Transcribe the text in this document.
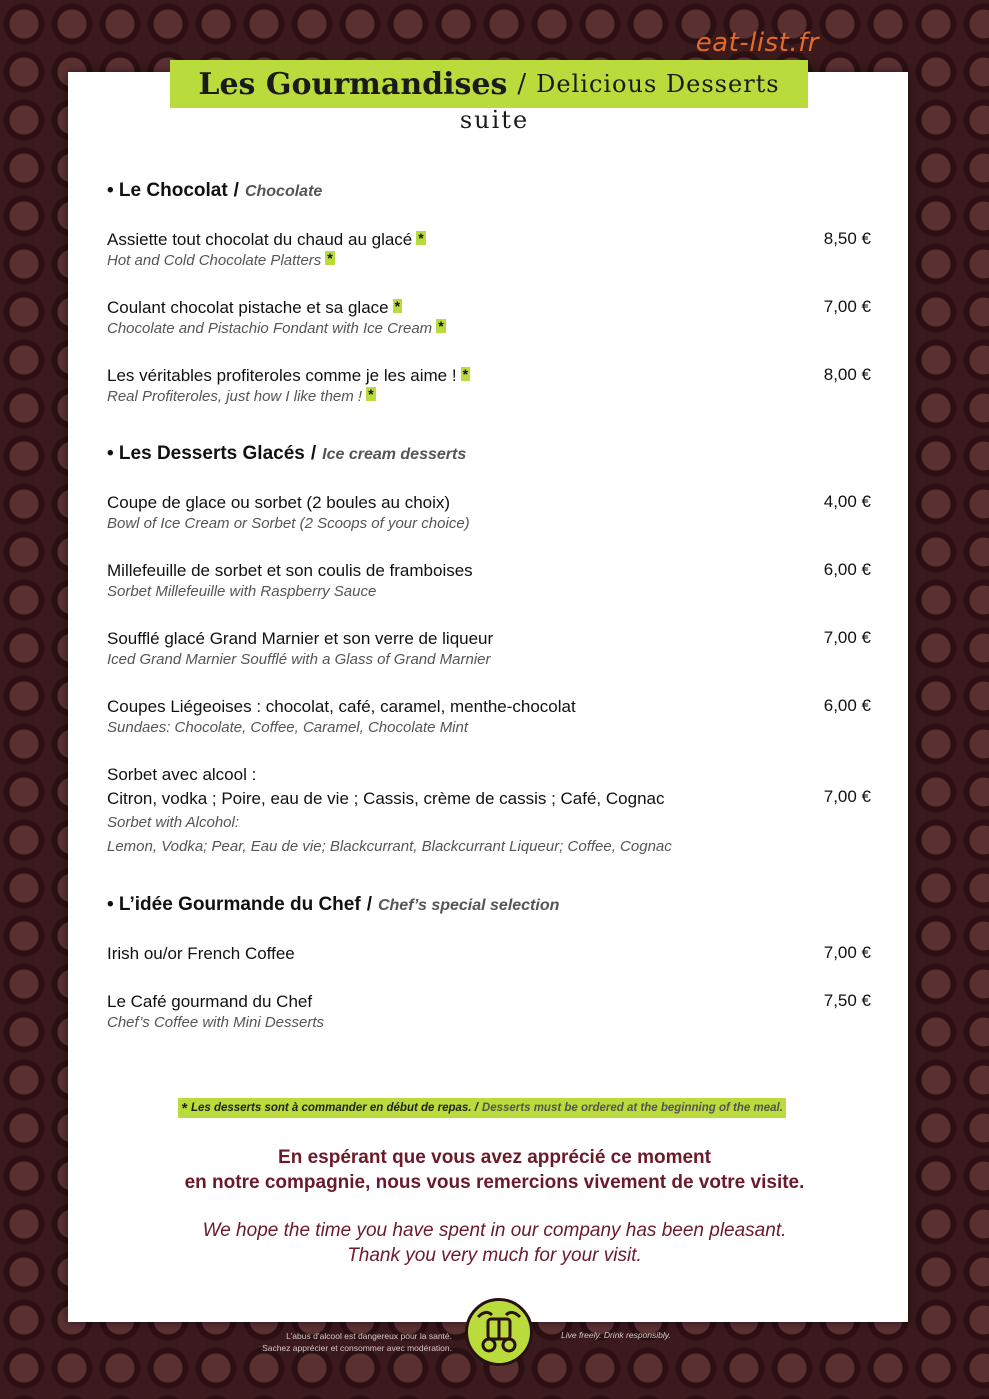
eat-list.fr
Les Gourmandises / Delicious Desserts
suite
• Le Chocolat / Chocolate
Assiette tout chocolat du chaud au glacé *
Hot and Cold Chocolate Platters *
8,50 €
Coulant chocolat pistache et sa glace *
Chocolate and Pistachio Fondant with Ice Cream *
7,00 €
Les véritables profiteroles comme je les aime ! *
Real Profiteroles, just how I like them ! *
8,00 €
• Les Desserts Glacés / Ice cream desserts
Coupe de glace ou sorbet (2 boules au choix)
Bowl of Ice Cream or Sorbet (2 Scoops of your choice)
4,00 €
Millefeuille de sorbet et son coulis de framboises
Sorbet Millefeuille with Raspberry Sauce
6,00 €
Soufflé glacé Grand Marnier et son verre de liqueur
Iced Grand Marnier Soufflé with a Glass of Grand Marnier
7,00 €
Coupes Liégeoises : chocolat, café, caramel, menthe-chocolat
Sundaes: Chocolate, Coffee, Caramel, Chocolate Mint
6,00 €
Sorbet avec alcool :
Citron, vodka ; Poire, eau de vie ; Cassis, crème de cassis ; Café, Cognac
Sorbet with Alcohol:
Lemon, Vodka; Pear, Eau de vie; Blackcurrant, Blackcurrant Liqueur; Coffee, Cognac
7,00 €
• L’idée Gourmande du Chef / Chef’s special selection
Irish ou/or French Coffee	7,00 €
Le Café gourmand du Chef
Chef’s Coffee with Mini Desserts
7,50 €
* Les desserts sont à commander en début de repas. / Desserts must be ordered at the beginning of the meal.
En espérant que vous avez apprécié ce moment
en notre compagnie, nous vous remercions vivement de votre visite.
We hope the time you have spent in our company has been pleasant.
Thank you very much for your visit.
L’abus d’alcool est dangereux pour la santé.
Sachez apprécier et consommer avec modération.
Live freely. Drink responsibly.
